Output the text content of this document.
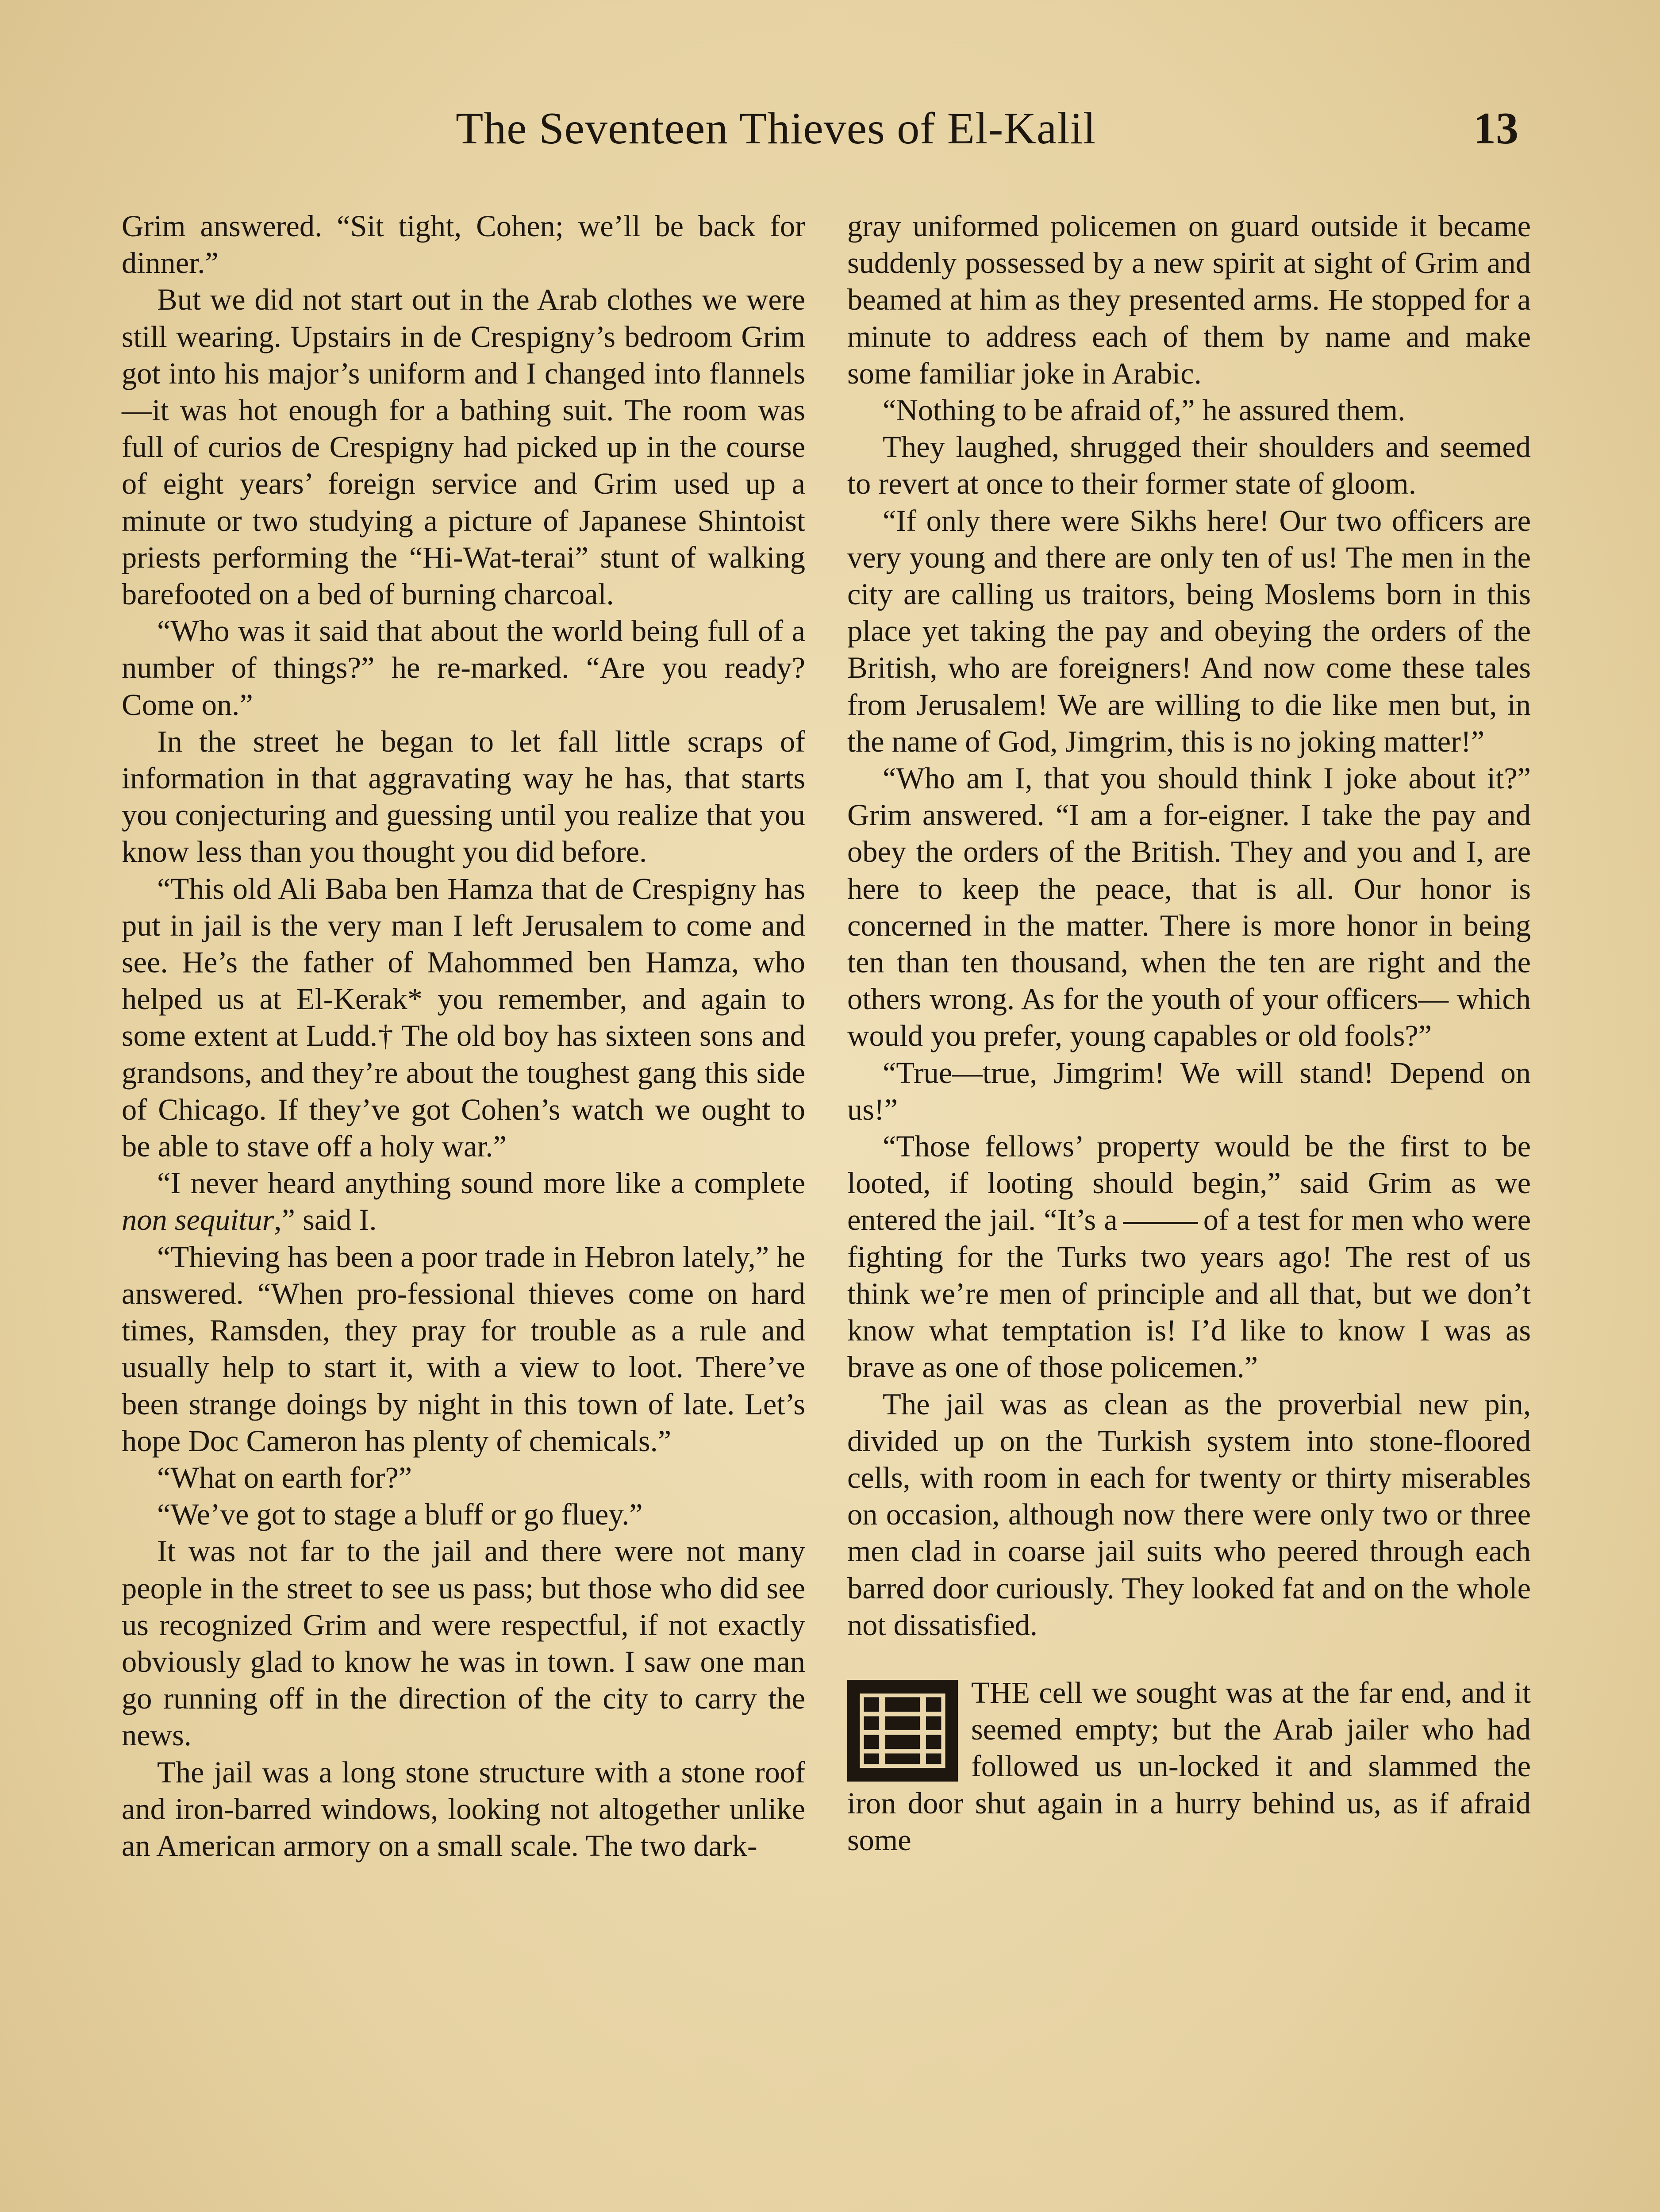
The Seventeen Thieves of El-Kalil	13

Grim answered. “Sit tight, Cohen; we’ll be back for dinner.”

But we did not start out in the Arab clothes we were still wearing. Upstairs in de Crespigny’s bedroom Grim got into his major’s uniform and I changed into flannels —it was hot enough for a bathing suit. The room was full of curios de Crespigny had picked up in the course of eight years’ foreign service and Grim used up a minute or two studying a picture of Japanese Shintoist priests performing the “Hi-Wat-terai” stunt of walking barefooted on a bed of burning charcoal.

“Who was it said that about the world being full of a number of things?” he re-marked. “Are you ready? Come on.”

In the street he began to let fall little scraps of information in that aggravating way he has, that starts you conjecturing and guessing until you realize that you know less than you thought you did before.

“This old Ali Baba ben Hamza that de Crespigny has put in jail is the very man I left Jerusalem to come and see. He’s the father of Mahommed ben Hamza, who helped us at El-Kerak* you remember, and again to some extent at Ludd.† The old boy has sixteen sons and grandsons, and they’re about the toughest gang this side of Chicago. If they’ve got Cohen’s watch we ought to be able to stave off a holy war.”

“I never heard anything sound more like a complete non sequitur,” said I.

“Thieving has been a poor trade in Hebron lately,” he answered. “When pro-fessional thieves come on hard times, Ramsden, they pray for trouble as a rule and usually help to start it, with a view to loot. There’ve been strange doings by night in this town of late. Let’s hope Doc Cameron has plenty of chemicals.”

“What on earth for?”

“We’ve got to stage a bluff or go fluey.”

It was not far to the jail and there were not many people in the street to see us pass; but those who did see us recognized Grim and were respectful, if not exactly obviously glad to know he was in town. I saw one man go running off in the direction of the city to carry the news.

The jail was a long stone structure with a stone roof and iron-barred windows, looking not altogether unlike an American armory on a small scale. The two dark-

gray uniformed policemen on guard outside it became suddenly possessed by a new spirit at sight of Grim and beamed at him as they presented arms. He stopped for a minute to address each of them by name and make some familiar joke in Arabic.

“Nothing to be afraid of,” he assured them.

They laughed, shrugged their shoulders and seemed to revert at once to their former state of gloom.

“If only there were Sikhs here! Our two officers are very young and there are only ten of us! The men in the city are calling us traitors, being Moslems born in this place yet taking the pay and obeying the orders of the British, who are foreigners! And now come these tales from Jerusalem! We are willing to die like men but, in the name of God, Jimgrim, this is no joking matter!”

“Who am I, that you should think I joke about it?” Grim answered. “I am a for-eigner. I take the pay and obey the orders of the British. They and you and I, are here to keep the peace, that is all. Our honor is concerned in the matter. There is more honor in being ten than ten thousand, when the ten are right and the others wrong. As for the youth of your officers— which would you prefer, young capables or old fools?”

“True—true, Jimgrim! We will stand! Depend on us!”

“Those fellows’ property would be the first to be looted, if looting should begin,” said Grim as we entered the jail. “It’s a	of a test for men who were fighting for the Turks two years ago! The rest of us think we’re men of principle and all that, but we don’t know what temptation is! I’d like to know I was as brave as one of those policemen.”

The jail was as clean as the proverbial new pin, divided up on the Turkish system into stone-floored cells, with room in each for twenty or thirty miserables on occasion, although now there were only two or three men clad in coarse jail suits who peered through each barred door curiously. They looked fat and on the whole not dissatisfied.

THE cell we sought was at the far end, and it seemed empty; but the Arab jailer who had followed us un-locked it and slammed the iron door shut again in a hurry behind us, as if afraid some
